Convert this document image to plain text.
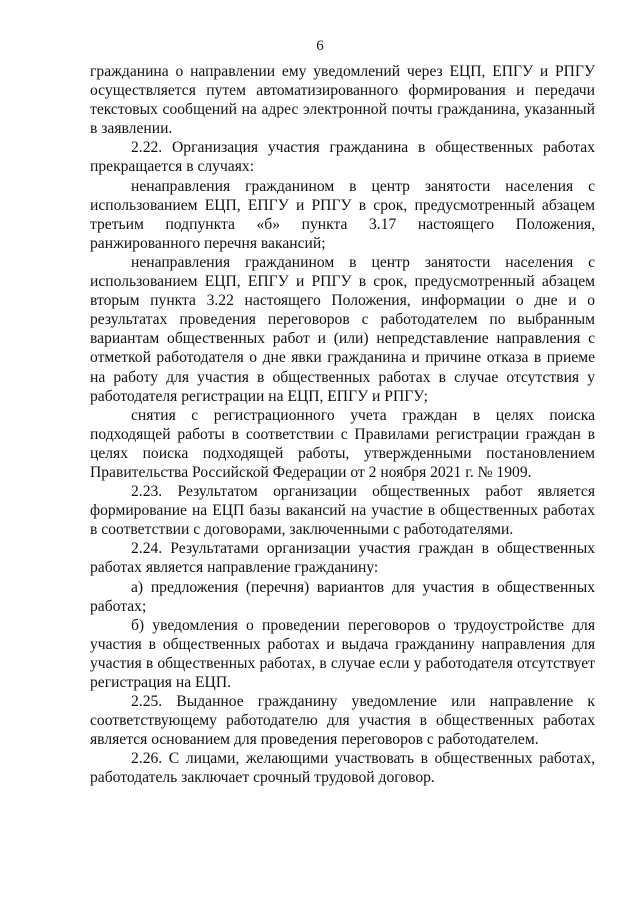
6

гражданина о направлении ему уведомлений через ЕЦП, ЕПГУ и РПГУ осуществляется путем автоматизированного формирования и передачи текстовых сообщений на адрес электронной почты гражданина, указанный в заявлении.

2.22. Организация участия гражданина в общественных работах прекращается в случаях:

ненаправления гражданином в центр занятости населения с использованием ЕЦП, ЕПГУ и РПГУ в срок, предусмотренный абзацем третьим подпункта «б» пункта 3.17 настоящего Положения, ранжированного перечня вакансий;

ненаправления гражданином в центр занятости населения с использованием ЕЦП, ЕПГУ и РПГУ в срок, предусмотренный абзацем вторым пункта 3.22 настоящего Положения, информации о дне и о результатах проведения переговоров с работодателем по выбранным вариантам общественных работ и (или) непредставление направления с отметкой работодателя о дне явки гражданина и причине отказа в приеме на работу для участия в общественных работах в случае отсутствия у работодателя регистрации на ЕЦП, ЕПГУ и РПГУ;

снятия с регистрационного учета граждан в целях поиска подходящей работы в соответствии с Правилами регистрации граждан в целях поиска подходящей работы, утвержденными постановлением Правительства Российской Федерации от 2 ноября 2021 г. № 1909.

2.23. Результатом организации общественных работ является формирование на ЕЦП базы вакансий на участие в общественных работах в соответствии с договорами, заключенными с работодателями.

2.24. Результатами организации участия граждан в общественных работах является направление гражданину:

а) предложения (перечня) вариантов для участия в общественных работах;

б) уведомления о проведении переговоров о трудоустройстве для участия в общественных работах и выдача гражданину направления для участия в общественных работах, в случае если у работодателя отсутствует регистрация на ЕЦП.

2.25. Выданное гражданину уведомление или направление к соответствующему работодателю для участия в общественных работах является основанием для проведения переговоров с работодателем.

2.26. С лицами, желающими участвовать в общественных работах, работодатель заключает срочный трудовой договор.
